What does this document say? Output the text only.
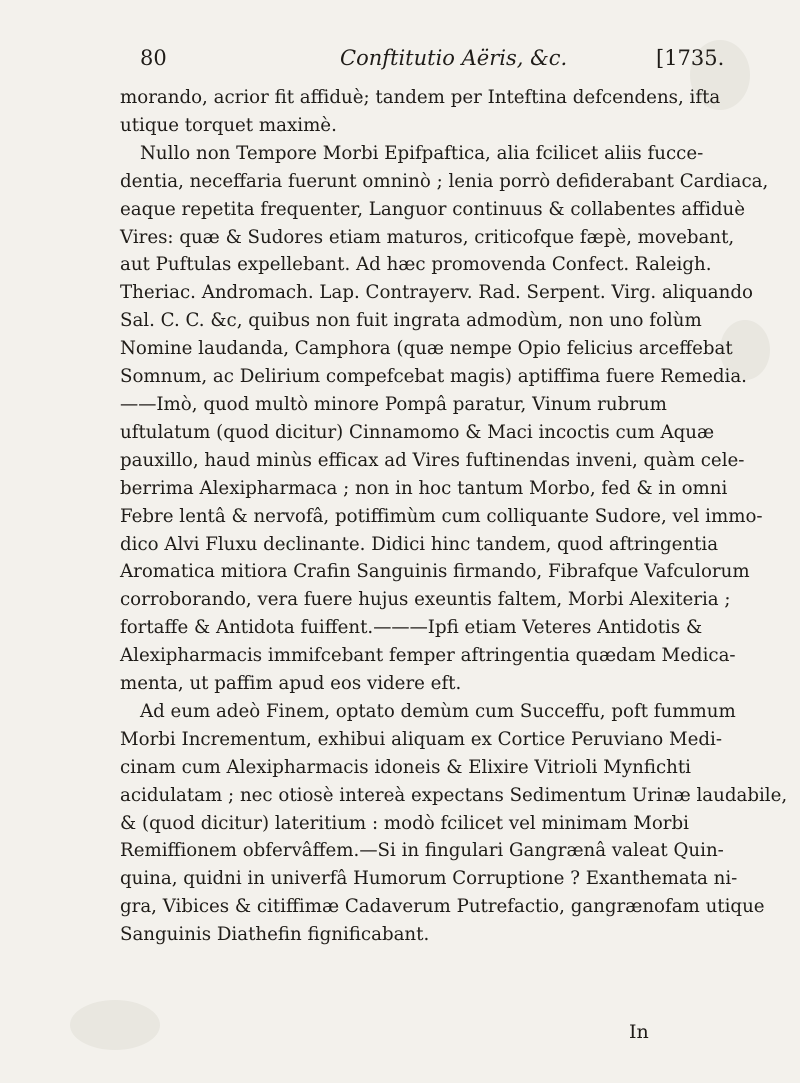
80	Conftitutio Aëris, &c.	[1735.

morando, acrior fit affiduè; tandem per Inteftina defcendens, ifta

utique torquet maximè.

Nullo non Tempore Morbi Epifpaftica, alia fcilicet aliis fucce-

dentia, neceffaria fuerunt omninò ; lenia porrò defiderabant Cardiaca,

eaque repetita frequenter, Languor continuus & collabentes affiduè

Vires: quæ & Sudores etiam maturos, criticofque fæpè, movebant,

aut Puftulas expellebant. Ad hæc promovenda Confect. Raleigh.

Theriac. Andromach. Lap. Contrayerv. Rad. Serpent. Virg. aliquando

Sal. C. C. &c, quibus non fuit ingrata admodùm, non uno folùm

Nomine laudanda, Camphora (quæ nempe Opio felicius arceffebat

Somnum, ac Delirium compefcebat magis) aptiffima fuere Remedia.

——Imò, quod multò minore Pompâ paratur, Vinum rubrum

uftulatum (quod dicitur) Cinnamomo & Maci incoctis cum Aquæ

pauxillo, haud minùs efficax ad Vires fuftinendas inveni, quàm cele-

berrima Alexipharmaca ; non in hoc tantum Morbo, fed & in omni

Febre lentâ & nervofâ, potiffimùm cum colliquante Sudore, vel immo-

dico Alvi Fluxu declinante. Didici hinc tandem, quod aftringentia

Aromatica mitiora Crafin Sanguinis firmando, Fibrafque Vafculorum

corroborando, vera fuere hujus exeuntis faltem, Morbi Alexiteria ;

fortaffe & Antidota fuiffent.———Ipfi etiam Veteres Antidotis &

Alexipharmacis immifcebant femper aftringentia quædam Medica-

menta, ut paffim apud eos videre eft.

Ad eum adeò Finem, optato demùm cum Succeffu, poft fummum

Morbi Incrementum, exhibui aliquam ex Cortice Peruviano Medi-

cinam cum Alexipharmacis idoneis & Elixire Vitrioli Mynfichti

acidulatam ; nec otiosè intereà expectans Sedimentum Urinæ laudabile,

& (quod dicitur) lateritium : modò fcilicet vel minimam Morbi

Remiffionem obfervâffem.—Si in fingulari Gangrænâ valeat Quin-

quina, quidni in univerfâ Humorum Corruptione ? Exanthemata ni-

gra, Vibices & citiffimæ Cadaverum Putrefactio, gangrænofam utique

Sanguinis Diathefin fignificabant.

In
